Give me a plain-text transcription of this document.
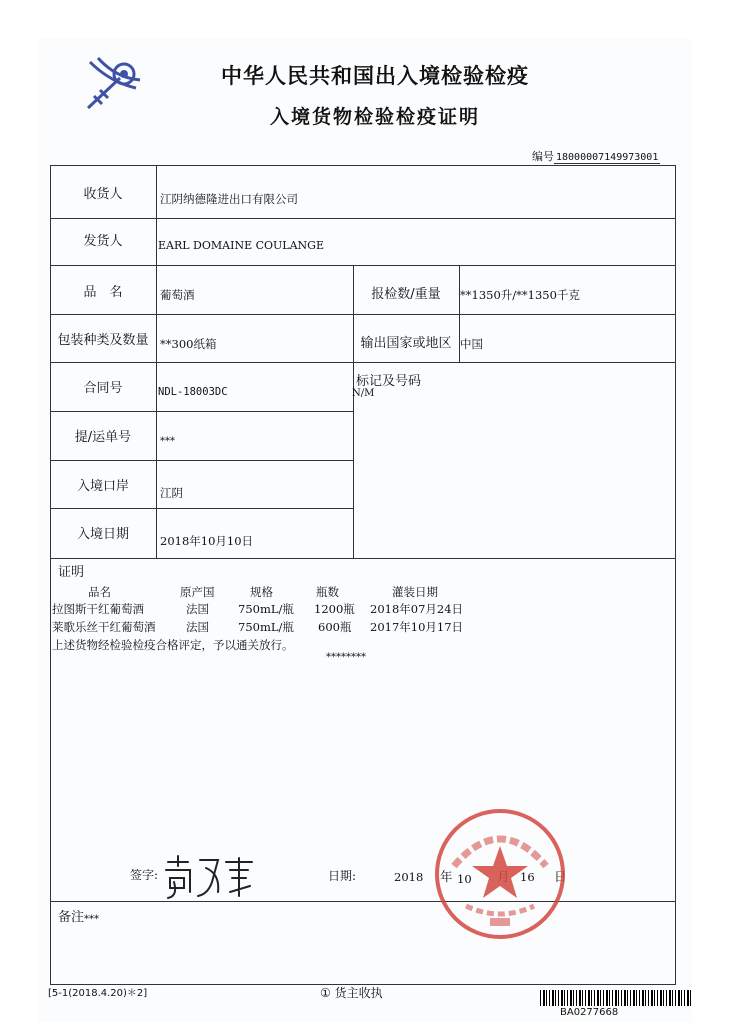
中华人民共和国出入境检验检疫
入境货物检验检疫证明
编号 18000007149973001
收货人	江阴纳德隆进出口有限公司
发货人	EARL DOMAINE COULANGE
品　名	葡萄酒	报检数/重量	**1350升/**1350千克
包装种类及数量	**300纸箱	输出国家或地区 中国
合同号	NDL-18003DC
标记及号码
N/M
提/运单号	***
入境口岸	江阴
入境日期	2018年10月10日
证明
品名	原产国	规格	瓶数	灌装日期
拉图斯干红葡萄酒	法国	750mL/瓶 1200瓶 2018年07月24日
莱歌乐丝干红葡萄酒	法国	750mL/瓶 600瓶 2017年10月17日
上述货物经检验检疫合格评定，予以通关放行。
********
签字:	日期:	2018 年 10	16 日
备注 ***
[5-1(2018.4.20)＊2]	① 货主收执
BA0277668
